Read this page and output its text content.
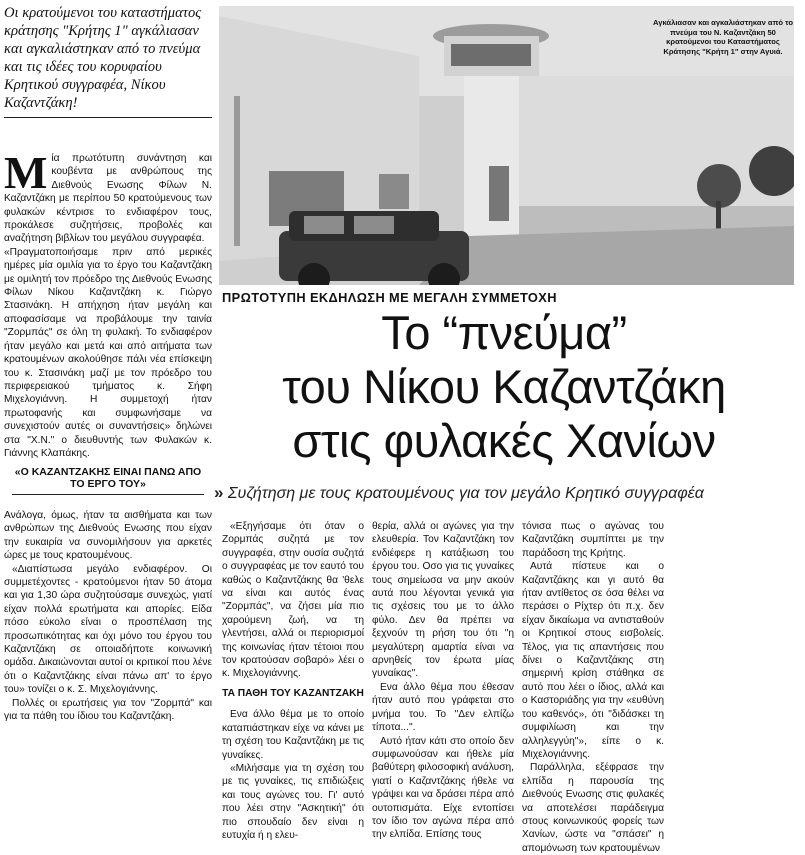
Οι κρατούμενοι του καταστήματος κράτησης "Κρήτης 1" αγκάλιασαν και αγκαλιάστηκαν από το πνεύμα και τις ιδέες του κορυφαίου Κρητικού συγγραφέα, Νίκου Καζαντζάκη!

Μία πρωτότυπη συνάντηση και κουβέντα με ανθρώπους της Διεθνούς Ενωσης Φίλων Ν. Καζαντζάκη με περίπου 50 κρατούμενους των φυλακών κέντρισε το ενδιαφέρον τους, προκάλεσε συζητήσεις, προβολές και αναζήτηση βιβλίων του μεγάλου συγγραφέα.

«Πραγματοποιήσαμε πριν από μερικές ημέρες μία ομιλία για το έργο του Καζαντζάκη με ομιλητή τον πρόεδρο της Διεθνούς Ενωσης Φίλων Νίκου Καζαντζάκη κ. Γιώργο Στασινάκη. Η απήχηση ήταν μεγάλη και αποφασίσαμε να προβάλουμε την ταινία "Ζορμπάς" σε όλη τη φυλακή. Το ενδιαφέρον ήταν μεγάλο και μετά και από αιτήματα των κρατουμένων ακολούθησε πάλι νέα επίσκεψη του κ. Στασινάκη μαζί με τον πρόεδρο του περιφερειακού τμήματος κ. Σήφη Μιχελογιάννη. Η συμμετοχή ήταν πρωτοφανής και συμφωνήσαμε να συνεχιστούν αυτές οι συναντήσεις» δηλώνει στα "Χ.Ν." ο διευθυντής των Φυλακών κ. Γιάννης Κλαπάκης.

«Ο ΚΑΖΑΝΤΖΑΚΗΣ ΕΙΝΑΙ ΠΑΝΩ ΑΠΟ ΤΟ ΕΡΓΟ ΤΟΥ»

Ανάλογα, όμως, ήταν τα αισθήματα και των ανθρώπων της Διεθνούς Ενωσης που είχαν την ευκαιρία να συνομιλήσουν για αρκετές ώρες με τους κρατουμένους.

«Διαπίστωσα μεγάλο ενδιαφέρον. Οι συμμετέχοντες - κρατούμενοι ήταν 50 άτομα και για 1,30 ώρα συζητούσαμε συνεχώς, γιατί είχαν πολλά ερωτήματα και απορίες. Είδα πόσο εύκολο είναι ο προσπέλαση της προσωπικότητας και όχι μόνο του έργου του Καζαντζάκη σε οποιαδήποτε κοινωνική ομάδα. Δικαιώνονται αυτοί οι κριτικοί που λένε ότι ο Καζαντζάκης είναι πάνω απ' το έργο του» τονίζει ο κ. Σ. Μιχελογιάννης.

Πολλές οι ερωτήσεις για τον "Ζορμπά" και για τα πάθη του ίδιου του Καζαντζάκη.

Αγκάλιασαν και αγκαλιάστηκαν από το πνεύμα του Ν. Καζαντζάκη 50 κρατούμενοι του Καταστήματος Κράτησης "Κρήτη 1" στην Αγυιά.
ΠΡΩΤΟΤΥΠΗ ΕΚΔΗΛΩΣΗ ΜΕ ΜΕΓΑΛΗ ΣΥΜΜΕΤΟΧΗ
Το “πνεύμα”
του Νίκου Καζαντζάκη
στις φυλακές Χανίων
» Συζήτηση με τους κρατουμένους για τον μεγάλο Κρητικό συγγραφέα

«Εξηγήσαμε ότι όταν ο Ζορμπάς συζητά με τον συγγραφέα, στην ουσία συζητά ο συγγραφέας με τον εαυτό του καθώς ο Καζαντζάκης θα 'θελε να είναι και αυτός ένας "Ζορμπάς", να ζήσει μία πιο χαρούμενη ζωή, να τη γλεντήσει, αλλά οι περιορισμοί της κοινωνίας ήταν τέτοιοι που τον κρατούσαν σοβαρό» λέει ο κ. Μιχελογιάννης.

ΤΑ ΠΑΘΗ ΤΟΥ ΚΑΖΑΝΤΖΑΚΗ

Ενα άλλο θέμα με το οποίο καταπιάστηκαν είχε να κάνει με τη σχέση του Καζαντζάκη με τις γυναίκες.

«Μιλήσαμε για τη σχέση του με τις γυναίκες, τις επιδιώξεις και τους αγώνες του. Γι' αυτό που λέει στην "Ασκητική" ότι πιο σπουδαίο δεν είναι η ευτυχία ή η ελευ-

θερία, αλλά οι αγώνες για την ελευθερία. Τον Καζαντζάκη τον ενδιέφερε η κατάξιωση του έργου του. Οσο για τις γυναίκες τους σημείωσα να μην ακούν αυτά που λέγονται γενικά για τις σχέσεις του με το άλλο φύλο. Δεν θα πρέπει να ξεχνούν τη ρήση του ότι "η μεγαλύτερη αμαρτία είναι να αρνηθείς τον έρωτα μίας γυναίκας".

Ενα άλλο θέμα που έθεσαν ήταν αυτό που γράφεται στο μνήμα του. Το "Δεν ελπίζω τίποτα...".

Αυτό ήταν κάτι στο οποίο δεν συμφωνούσαν και ήθελε μία βαθύτερη φιλοσοφική ανάλυση, γιατί ο Καζαντζάκης ήθελε να γράψει και να δράσει πέρα από ουτοπισμάτα. Είχε εντοπίσει τον ίδιο τον αγώνα πέρα από την ελπίδα. Επίσης τους

τόνισα πως ο αγώνας του Καζαντζάκη συμπίπτει με την παράδοση της Κρήτης.

Αυτά πίστευε και ο Καζαντζάκης και γι αυτό θα ήταν αντίθετος σε όσα θέλει να περάσει ο Ρίχτερ ότι π.χ. δεν είχαν δικαίωμα να αντισταθούν οι Κρητικοί στους εισβολείς. Τέλος, για τις απαντήσεις που δίνει ο Καζαντζάκης στη σημερινή κρίση στάθηκα σε αυτό που λέει ο ίδιος, αλλά και ο Καστοριάδης για την «ευθύνη του καθενός», ότι "διδάσκει τη συμφιλίωση και την αλληλεγγύη"», είπε ο κ. Μιχελογιάννης.

Παράλληλα, εξέφρασε την ελπίδα η παρουσία της Διεθνούς Ενωσης στις φυλακές να αποτελέσει παράδειγμα στους κοινωνικούς φορείς των Χανίων, ώστε να "σπάσει" η απομόνωση των κρατουμένων
